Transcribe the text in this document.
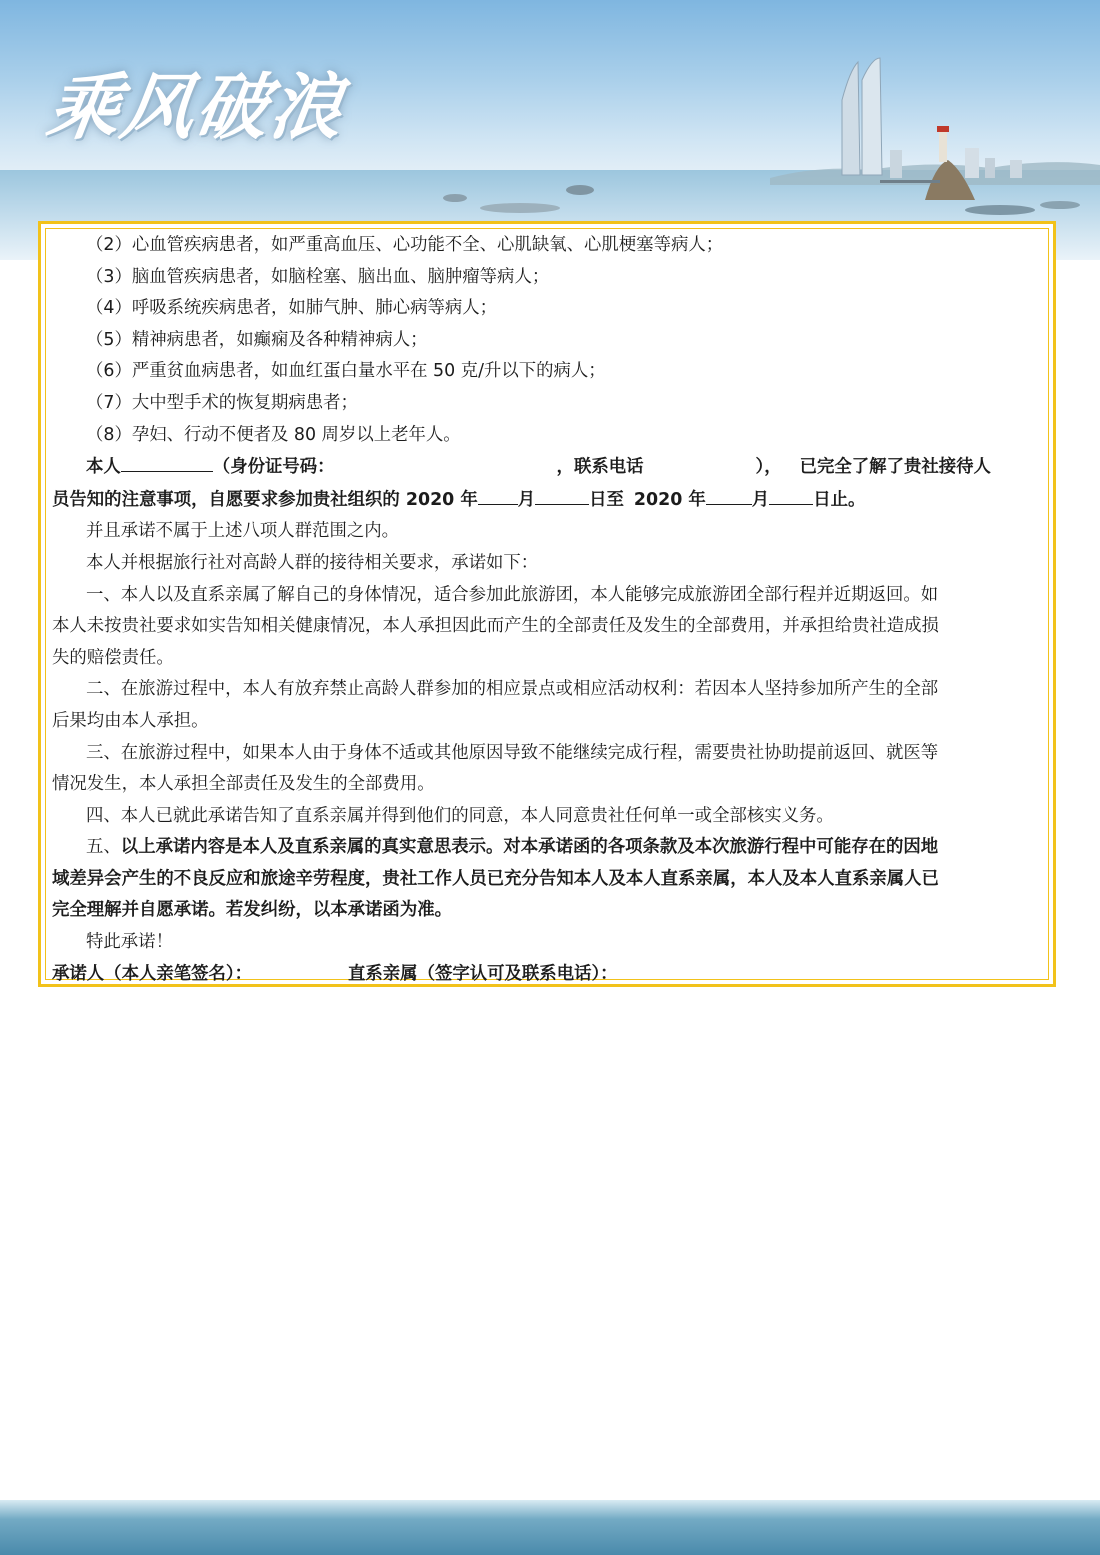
乘风破浪

（2）心血管疾病患者，如严重高血压、心功能不全、心肌缺氧、心肌梗塞等病人；

（3）脑血管疾病患者，如脑栓塞、脑出血、脑肿瘤等病人；

（4）呼吸系统疾病患者，如肺气肿、肺心病等病人；

（5）精神病患者，如癫痫及各种精神病人；

（6）严重贫血病患者，如血红蛋白量水平在 50 克/升以下的病人；

（7）大中型手术的恢复期病患者；

（8）孕妇、行动不便者及 80 周岁以上老年人。

本人	（身份证号码：	，联系电话	）， 已完全了解了贵社接待人

员告知的注意事项，自愿要求参加贵社组织的 2020 年 月	日至 2020 年	月	日止。

并且承诺不属于上述八项人群范围之内。

本人并根据旅行社对高龄人群的接待相关要求，承诺如下：

一、本人以及直系亲属了解自己的身体情况，适合参加此旅游团，本人能够完成旅游团全部行程并近期返回。如

本人未按贵社要求如实告知相关健康情况，本人承担因此而产生的全部责任及发生的全部费用，并承担给贵社造成损

失的赔偿责任。

二、在旅游过程中，本人有放弃禁止高龄人群参加的相应景点或相应活动权利：若因本人坚持参加所产生的全部

后果均由本人承担。

三、在旅游过程中，如果本人由于身体不适或其他原因导致不能继续完成行程，需要贵社协助提前返回、就医等

情况发生，本人承担全部责任及发生的全部费用。

四、本人已就此承诺告知了直系亲属并得到他们的同意，本人同意贵社任何单一或全部核实义务。

五、以上承诺内容是本人及直系亲属的真实意思表示。对本承诺函的各项条款及本次旅游行程中可能存在的因地

域差异会产生的不良反应和旅途辛劳程度，贵社工作人员已充分告知本人及本人直系亲属，本人及本人直系亲属人已

完全理解并自愿承诺。若发纠纷，以本承诺函为准。

特此承诺！

承诺人（本人亲笔签名）：	直系亲属（签字认可及联系电话）：
